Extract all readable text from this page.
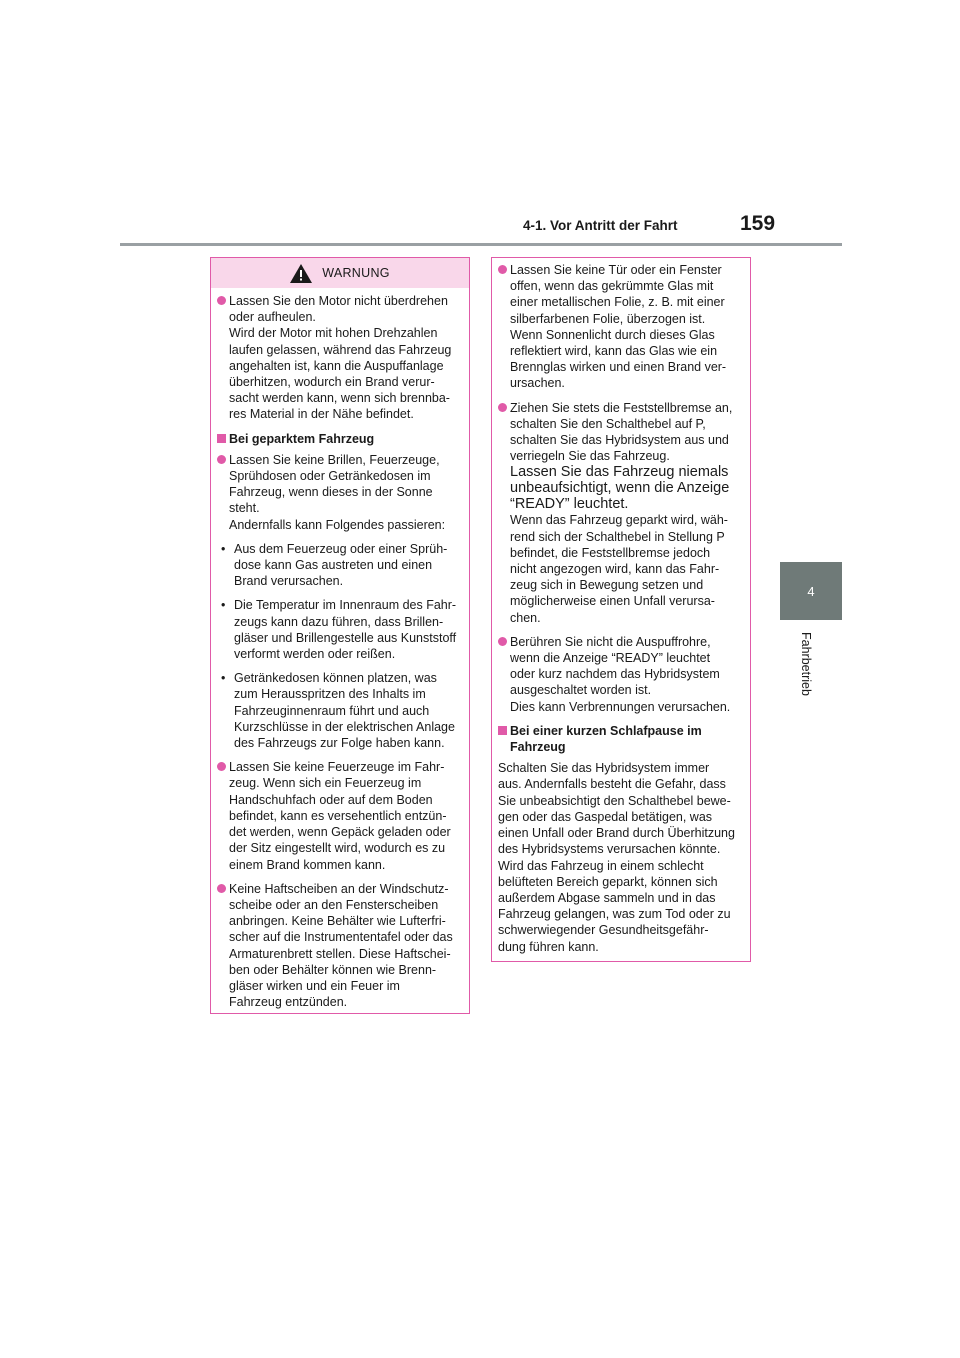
4-1. Vor Antritt der Fahrt	159
4
Fahrbetrieb
WARNUNG
Lassen Sie den Motor nicht überdrehen
oder aufheulen.
Wird der Motor mit hohen Drehzahlen
laufen gelassen, während das Fahrzeug
angehalten ist, kann die Auspuffanlage
überhitzen, wodurch ein Brand verur-
sacht werden kann, wenn sich brennba-
res Material in der Nähe befindet.
Bei geparktem Fahrzeug
Lassen Sie keine Brillen, Feuerzeuge,
Sprühdosen oder Getränkedosen im
Fahrzeug, wenn dieses in der Sonne
steht.
Andernfalls kann Folgendes passieren:
• Aus dem Feuerzeug oder einer Sprüh-
dose kann Gas austreten und einen
Brand verursachen.
• Die Temperatur im Innenraum des Fahr-
zeugs kann dazu führen, dass Brillen-
gläser und Brillengestelle aus Kunststoff
verformt werden oder reißen.
• Getränkedosen können platzen, was
zum Herausspritzen des Inhalts im
Fahrzeuginnenraum führt und auch
Kurzschlüsse in der elektrischen Anlage
des Fahrzeugs zur Folge haben kann.
Lassen Sie keine Feuerzeuge im Fahr-
zeug. Wenn sich ein Feuerzeug im
Handschuhfach oder auf dem Boden
befindet, kann es versehentlich entzün-
det werden, wenn Gepäck geladen oder
der Sitz eingestellt wird, wodurch es zu
einem Brand kommen kann.
Keine Haftscheiben an der Windschutz-
scheibe oder an den Fensterscheiben
anbringen. Keine Behälter wie Lufterfri-
scher auf die Instrumententafel oder das
Armaturenbrett stellen. Diese Haftschei-
ben oder Behälter können wie Brenn-
gläser wirken und ein Feuer im
Fahrzeug entzünden.
Lassen Sie keine Tür oder ein Fenster
offen, wenn das gekrümmte Glas mit
einer metallischen Folie, z. B. mit einer
silberfarbenen Folie, überzogen ist.
Wenn Sonnenlicht durch dieses Glas
reflektiert wird, kann das Glas wie ein
Brennglas wirken und einen Brand ver-
ursachen.
Ziehen Sie stets die Feststellbremse an,
schalten Sie den Schalthebel auf P,
schalten Sie das Hybridsystem aus und
verriegeln Sie das Fahrzeug.
Lassen Sie das Fahrzeug niemals
unbeaufsichtigt, wenn die Anzeige
“READY” leuchtet.
Wenn das Fahrzeug geparkt wird, wäh-
rend sich der Schalthebel in Stellung P
befindet, die Feststellbremse jedoch
nicht angezogen wird, kann das Fahr-
zeug sich in Bewegung setzen und
möglicherweise einen Unfall verursa-
chen.
Berühren Sie nicht die Auspuffrohre,
wenn die Anzeige “READY” leuchtet
oder kurz nachdem das Hybridsystem
ausgeschaltet worden ist.
Dies kann Verbrennungen verursachen.
Bei einer kurzen Schlafpause im
Fahrzeug
Schalten Sie das Hybridsystem immer
aus. Andernfalls besteht die Gefahr, dass
Sie unbeabsichtigt den Schalthebel bewe-
gen oder das Gaspedal betätigen, was
einen Unfall oder Brand durch Überhitzung
des Hybridsystems verursachen könnte.
Wird das Fahrzeug in einem schlecht
belüfteten Bereich geparkt, können sich
außerdem Abgase sammeln und in das
Fahrzeug gelangen, was zum Tod oder zu
schwerwiegender Gesundheitsgefähr-
dung führen kann.
